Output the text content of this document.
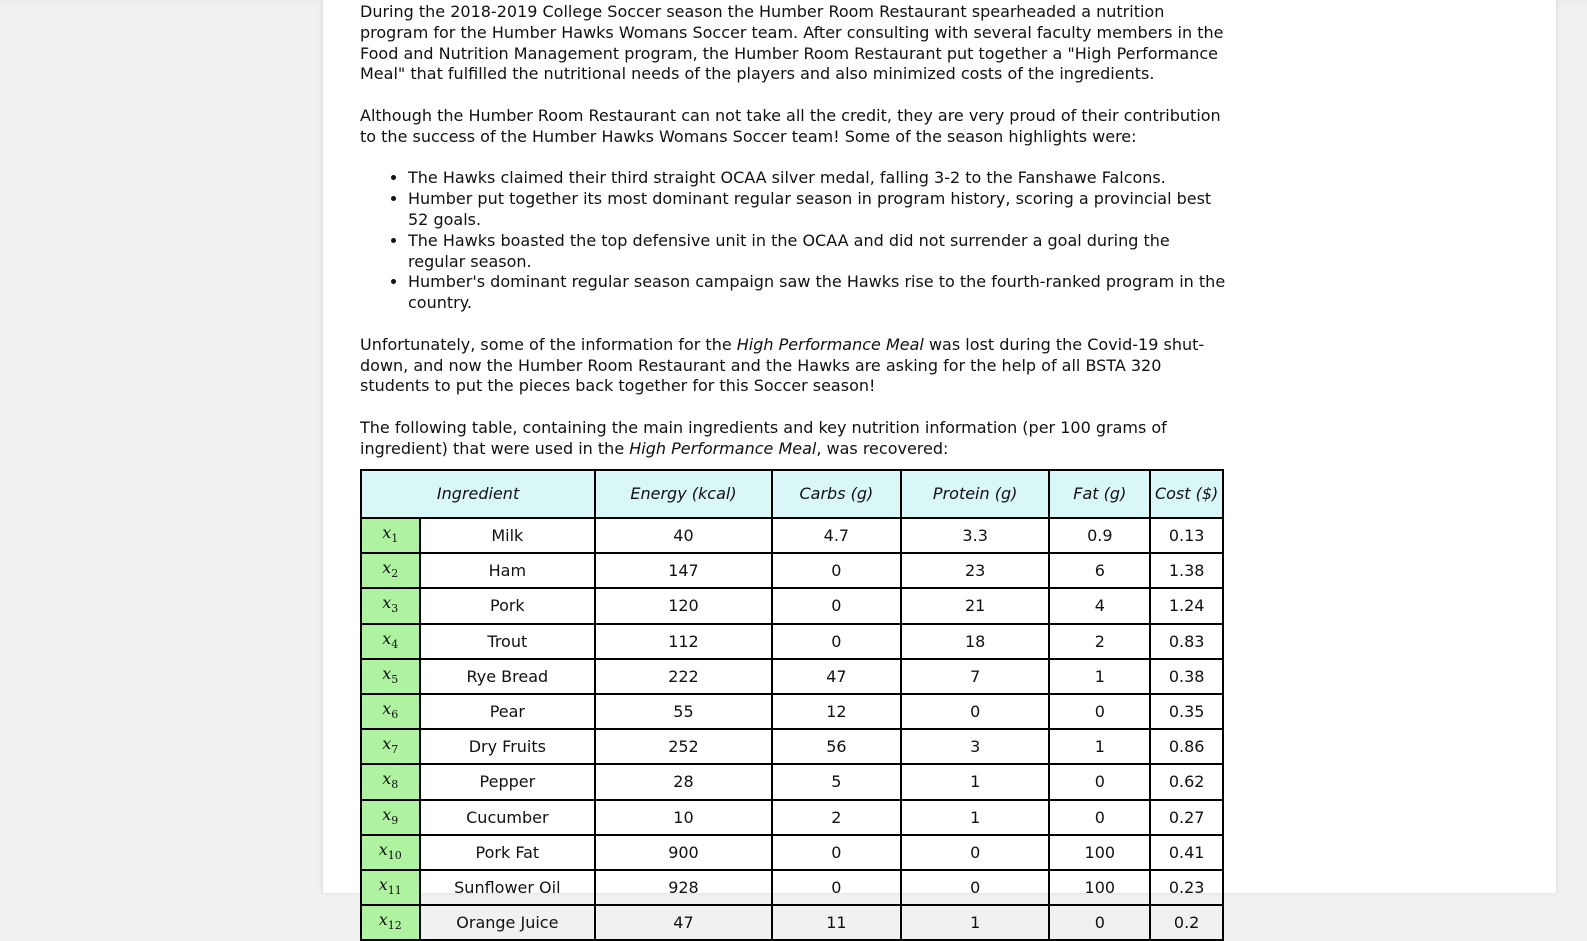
During the 2018-2019 College Soccer season the Humber Room Restaurant spearheaded a nutrition program for the Humber Hawks Womans Soccer team. After consulting with several faculty members in the Food and Nutrition Management program, the Humber Room Restaurant put together a "High Performance Meal" that fulfilled the nutritional needs of the players and also minimized costs of the ingredients.

Although the Humber Room Restaurant can not take all the credit, they are very proud of their contribution to the success of the Humber Hawks Womans Soccer team! Some of the season highlights were:

• The Hawks claimed their third straight OCAA silver medal, falling 3-2 to the Fanshawe Falcons.
• Humber put together its most dominant regular season in program history, scoring a provincial best 52 goals.
• The Hawks boasted the top defensive unit in the OCAA and did not surrender a goal during the regular season.
• Humber's dominant regular season campaign saw the Hawks rise to the fourth-ranked program in the country.

Unfortunately, some of the information for the High Performance Meal was lost during the Covid-19 shut-down, and now the Humber Room Restaurant and the Hawks are asking for the help of all BSTA 320 students to put the pieces back together for this Soccer season!

The following table, containing the main ingredients and key nutrition information (per 100 grams of ingredient) that were used in the High Performance Meal, was recovered:

Ingredient		Energy (kcal)	Carbs (g)	Protein (g)	Fat (g)	Cost ($)
$x_1$	Milk	40	4.7	3.3	0.9	0.13
$x_2$	Ham	147	0	23	6	1.38
$x_3$	Pork	120	0	21	4	1.24
$x_4$	Trout	112	0	18	2	0.83
$x_5$	Rye Bread	222	47	7	1	0.38
$x_6$	Pear	55	12	0	0	0.35
$x_7$	Dry Fruits	252	56	3	1	0.86
$x_8$	Pepper	28	5	1	0	0.62
$x_9$	Cucumber	10	2	1	0	0.27
$x_{10}$	Pork Fat	900	0	0	100	0.41
$x_{11}$	Sunflower Oil	928	0	0	100	0.23
$x_{12}$	Orange Juice	47	11	1	0	0.2
